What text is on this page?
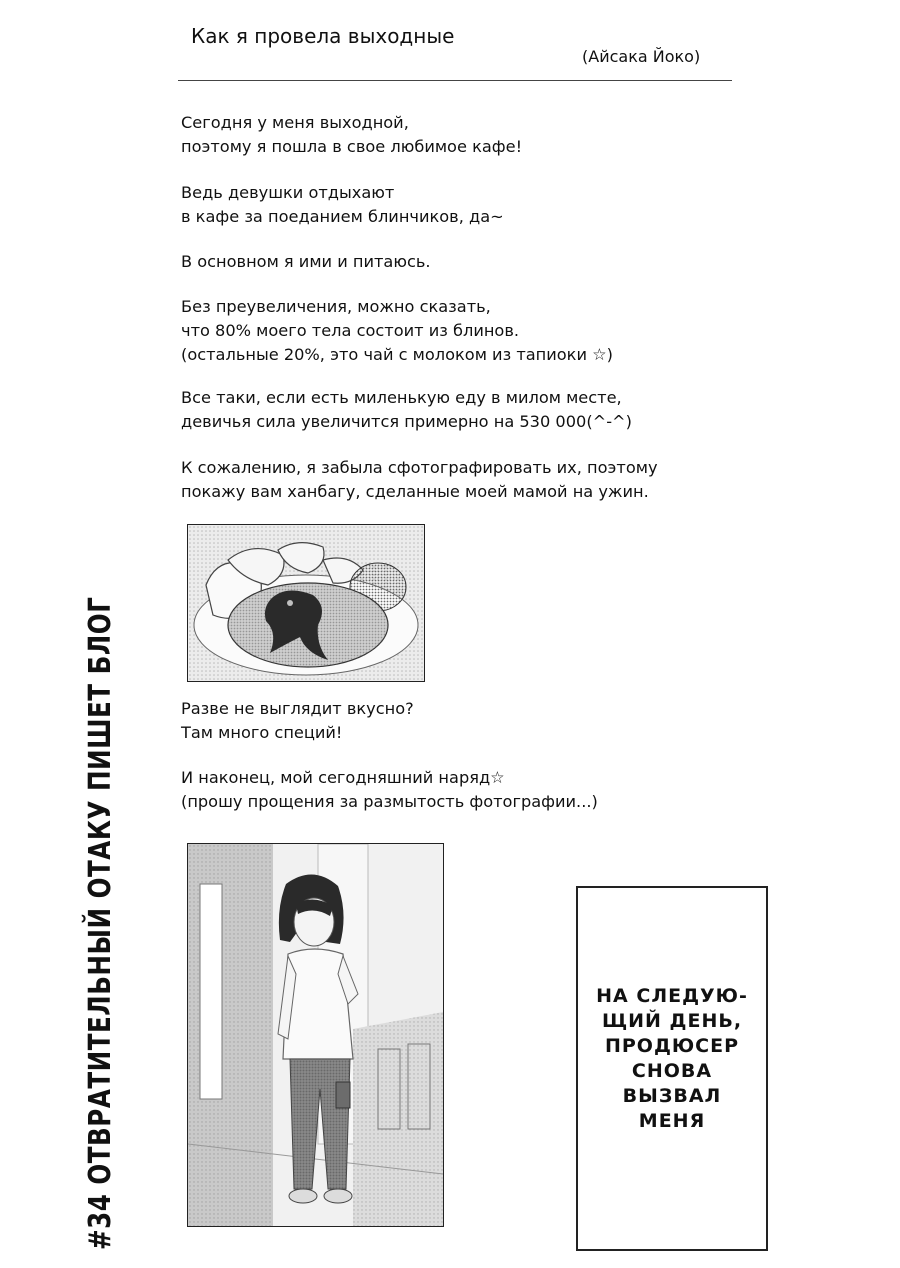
Как я провела выходные
(Айсака Йоко)

Сегодня у меня выходной,
поэтому я пошла в свое любимое кафе!

Ведь девушки отдыхают
в кафе за поеданием блинчиков, да~

В основном я ими и питаюсь.

Без преувеличения, можно сказать,
что 80% моего тела состоит из блинов.
(остальные 20%, это чай с молоком из тапиоки ☆)

Все таки, если есть миленькую еду в милом месте,
девичья сила увеличится примерно на 530 000(^-^)

К сожалению, я забыла сфотографировать их, поэтому
покажу вам ханбагу, сделанные моей мамой на ужин.

Разве не выглядит вкусно?
Там много специй!

И наконец, мой сегодняшний наряд☆
(прошу прощения за размытость фотографии...)

НА СЛЕДУЮ-
ЩИЙ ДЕНЬ,
ПРОДЮСЕР
СНОВА
ВЫЗВАЛ
МЕНЯ
#34 ОТВРАТИТЕЛЬНЫЙ ОТАКУ ПИШЕТ БЛОГ
